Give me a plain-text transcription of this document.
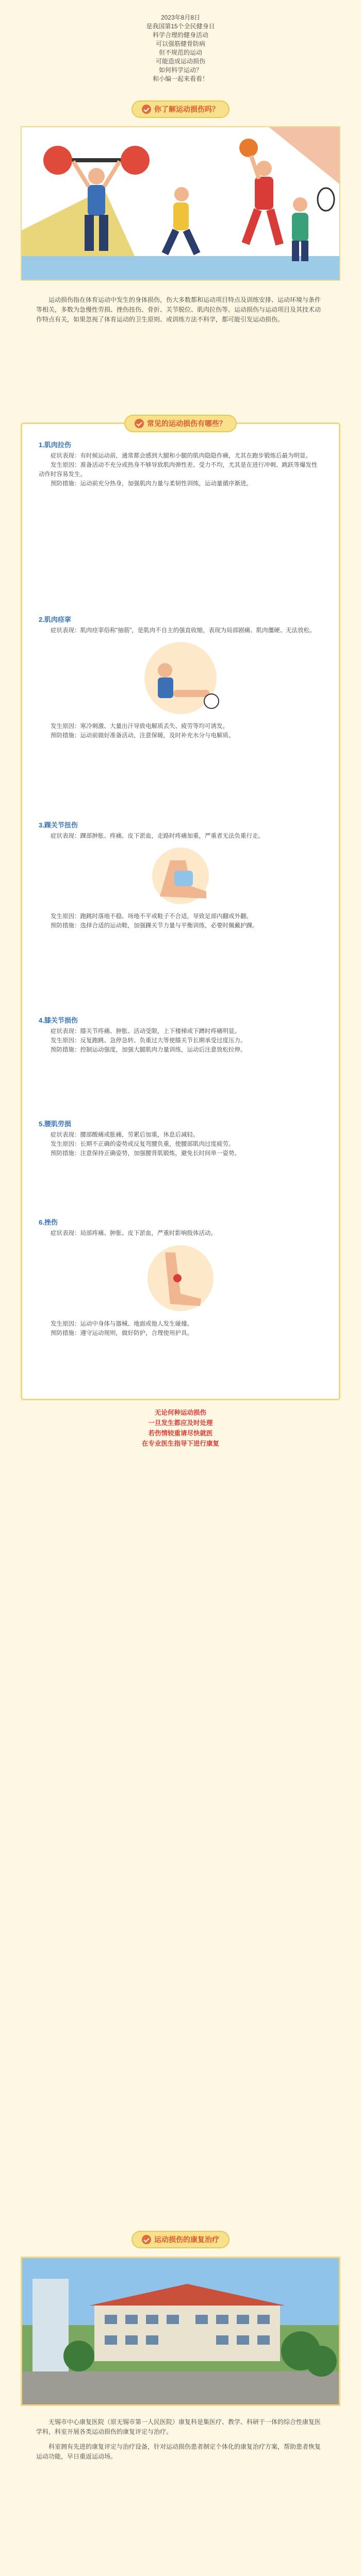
2023年8月8日

是我国第15个全民健身日

科学合理的健身活动

可以强筋健骨防病

但不规范的运动

可能造成运动损伤

如何科学运动？

和小编一起来看看！

你了解运动损伤吗？

运动损伤指在体育运动中发生的身体损伤，伤大多数都和运动项目特点及训练安排、运动环境与条件等相关，多数为急慢性劳损、挫伤扭伤、骨折、关节脱位、肌肉拉伤等。运动损伤与运动项目及其技术动作特点有关，如果忽视了体育运动的卫生原则、或训练方法不科学，都可能引发运动损伤。

常见的运动损伤有哪些？
1.肌肉拉伤

症状表现：有时候运动前，通常都会感到大腿和小腿的肌肉隐隐作痛，尤其在跑步锻炼后最为明显。

发生原因：准备活动不充分或热身不够导致肌肉弹性差、受力不均，尤其是在进行冲刺、跳跃等爆发性动作时容易发生。

预防措施：运动前充分热身，加强肌肉力量与柔韧性训练，运动量循序渐进。

2.肌肉痉挛

症状表现：肌肉痉挛俗称“抽筋”，是肌肉不自主的强直收缩，表现为局部剧痛、肌肉僵硬、无法放松。

发生原因：寒冷刺激、大量出汗导致电解质丢失、疲劳等均可诱发。

预防措施：运动前做好准备活动，注意保暖，及时补充水分与电解质。

3.踝关节扭伤

症状表现：踝部肿胀、疼痛、皮下淤血，走路时疼痛加重，严重者无法负重行走。

发生原因：跑跳时落地不稳、场地不平或鞋子不合适，导致足部内翻或外翻。

预防措施：选择合适的运动鞋，加强踝关节力量与平衡训练，必要时佩戴护踝。

4.膝关节损伤

症状表现：膝关节疼痛、肿胀、活动受限，上下楼梯或下蹲时疼痛明显。

发生原因：反复跑跳、急停急转、负重过大等使膝关节长期承受过度压力。

预防措施：控制运动强度，加强大腿肌肉力量训练，运动后注意放松拉伸。

5.腰肌劳损

症状表现：腰部酸痛或胀痛，劳累后加重，休息后减轻。

发生原因：长期不正确的姿势或反复弯腰负重，使腰部肌肉过度疲劳。

预防措施：注意保持正确姿势，加强腰背肌锻炼，避免长时间单一姿势。

6.挫伤

症状表现：局部疼痛、肿胀、皮下淤血，严重时影响肢体活动。

发生原因：运动中身体与器械、地面或他人发生碰撞。

预防措施：遵守运动规则，做好防护，合理使用护具。

无论何种运动损伤

一旦发生都应及时处理

若伤情较重请尽快就医

在专业医生指导下进行康复

运动损伤的康复治疗

无锡市中心康复医院（原无锡市第一人民医院）康复科是集医疗、教学、科研于一体的综合性康复医学科，科室开展各类运动损伤的康复评定与治疗。

科室拥有先进的康复评定与治疗设备，针对运动损伤患者制定个体化的康复治疗方案，帮助患者恢复运动功能，早日重返运动场。
